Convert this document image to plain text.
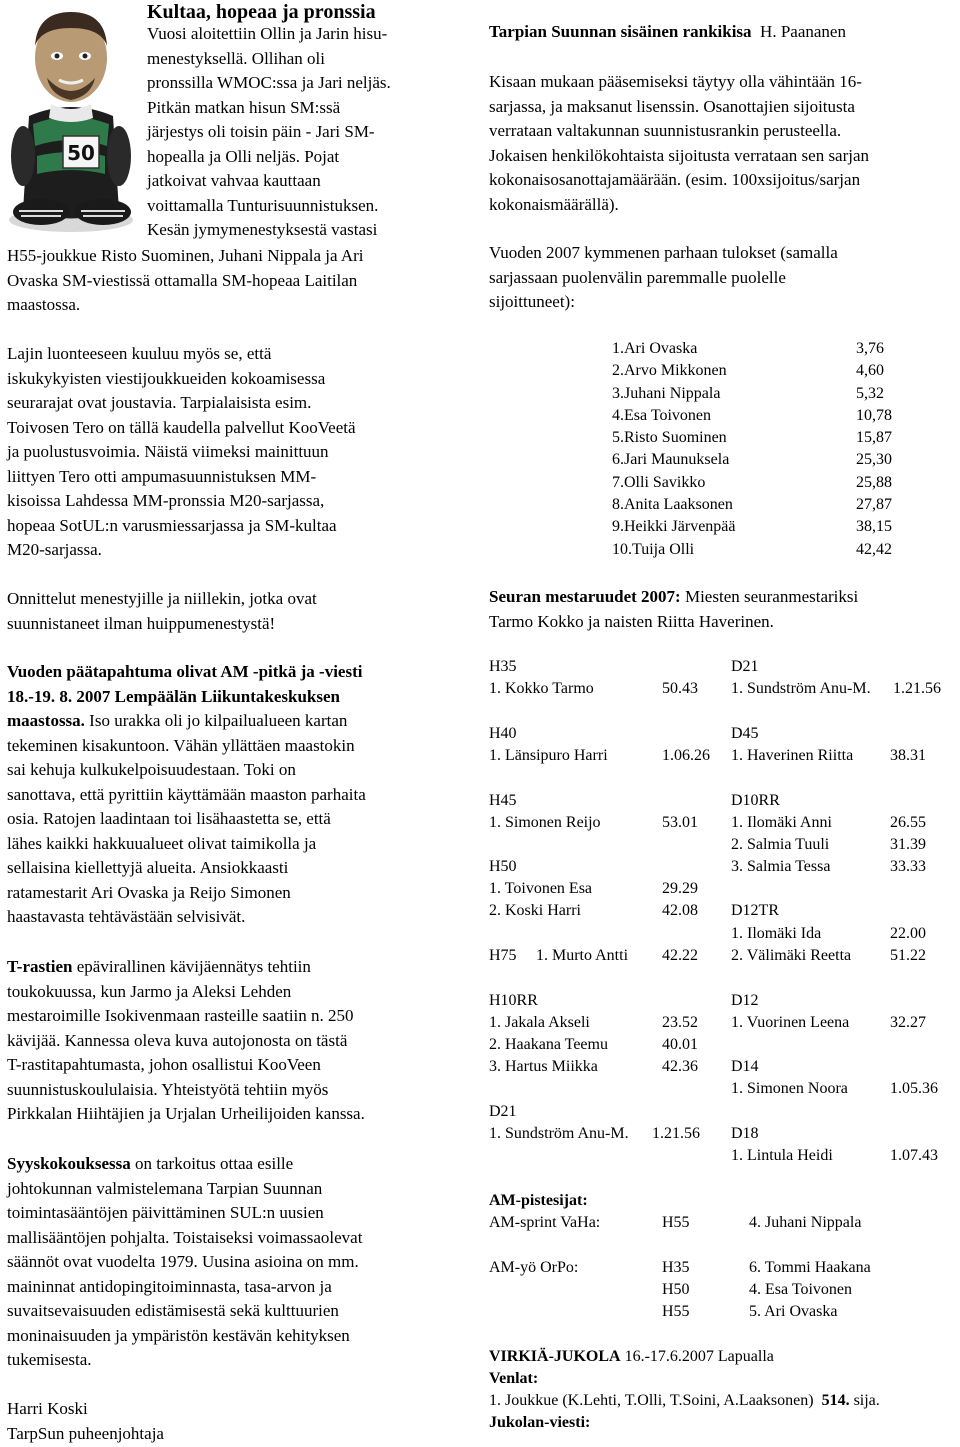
50
Kultaa, hopeaa ja pronssia

Vuosi aloitettiin Ollin ja Jarin hisu-

menestyksellä. Ollihan oli

pronssilla WMOC:ssa ja Jari neljäs.

Pitkän matkan hisun SM:ssä

järjestys oli toisin päin - Jari SM-

hopealla ja Olli neljäs. Pojat

jatkoivat vahvaa kauttaan

voittamalla Tunturisuunnistuksen.

Kesän jymymenestyksestä vastasi

H55-joukkue Risto Suominen, Juhani Nippala ja Ari

Ovaska SM-viestissä ottamalla SM-hopeaa Laitilan

maastossa.

Lajin luonteeseen kuuluu myös se, että

iskukykyisten viestijoukkueiden kokoamisessa

seurarajat ovat joustavia. Tarpialaisista esim.

Toivosen Tero on tällä kaudella palvellut KooVeetä

ja puolustusvoimia. Näistä viimeksi mainittuun

liittyen Tero otti ampumasuunnistuksen MM-

kisoissa Lahdessa MM-pronssia M20-sarjassa,

hopeaa SotUL:n varusmiessarjassa ja SM-kultaa

M20-sarjassa.

Onnittelut menestyjille ja niillekin, jotka ovat

suunnistaneet ilman huippumenestystä!

Vuoden päätapahtuma olivat AM -pitkä ja -viesti

18.-19. 8. 2007 Lempäälän Liikuntakeskuksen

maastossa. Iso urakka oli jo kilpailualueen kartan

tekeminen kisakuntoon. Vähän yllättäen maastokin

sai kehuja kulkukelpoisuudestaan. Toki on

sanottava, että pyrittiin käyttämään maaston parhaita

osia. Ratojen laadintaan toi lisähaastetta se, että

lähes kaikki hakkuualueet olivat taimikolla ja

sellaisina kiellettyjä alueita. Ansiokkaasti

ratamestarit Ari Ovaska ja Reijo Simonen

haastavasta tehtävästään selvisivät.

T-rastien epävirallinen kävijäennätys tehtiin

toukokuussa, kun Jarmo ja Aleksi Lehden

mestaroimille Isokivenmaan rasteille saatiin n. 250

kävijää. Kannessa oleva kuva autojonosta on tästä

T-rastitapahtumasta, johon osallistui KooVeen

suunnistuskoululaisia. Yhteistyötä tehtiin myös

Pirkkalan Hiihtäjien ja Urjalan Urheilijoiden kanssa.

Syyskokouksessa on tarkoitus ottaa esille

johtokunnan valmistelemana Tarpian Suunnan

toimintasääntöjen päivittäminen SUL:n uusien

mallisääntöjen pohjalta. Toistaiseksi voimassaolevat

säännöt ovat vuodelta 1979. Uusina asioina on mm.

maininnat antidopingitoiminnasta, tasa-arvon ja

suvaitsevaisuuden edistämisestä sekä kulttuurien

moninaisuuden ja ympäristön kestävän kehityksen

tukemisesta.

Harri Koski

TarpSun puheenjohtaja

Tarpian Suunnan sisäinen rankikisa H. Paananen

Kisaan mukaan pääsemiseksi täytyy olla vähintään 16-

sarjassa, ja maksanut lisenssin. Osanottajien sijoitusta

verrataan valtakunnan suunnistusrankin perusteella.

Jokaisen henkilökohtaista sijoitusta verrataan sen sarjan

kokonaisosanottajamäärään. (esim. 100xsijoitus/sarjan

kokonaismäärällä).

Vuoden 2007 kymmenen parhaan tulokset (samalla

sarjassaan puolenvälin paremmalle puolelle

sijoittuneet):

1.Ari Ovaska	3,76
2.Arvo Mikkonen	4,60
3.Juhani Nippala	5,32
4.Esa Toivonen	10,78
5.Risto Suominen	15,87
6.Jari Maunuksela	25,30
7.Olli Savikko	25,88
8.Anita Laaksonen	27,87
9.Heikki Järvenpää	38,15
10.Tuija Olli	42,42

Seuran mestaruudet 2007: Miesten seuranmestariksi

Tarmo Kokko ja naisten Riitta Haverinen.

H35
1. Kokko Tarmo	50.43
H40
1. Länsipuro Harri	1.06.26
H45
1. Simonen Reijo	53.01
H50
1. Toivonen Esa	29.29
2. Koski Harri	42.08
H75 1. Murto Antti 42.22
H10RR
1. Jakala Akseli	23.52
2. Haakana Teemu	40.01
3. Hartus Miikka	42.36
D21
1. Sundström Anu-M. 1.21.56
D21
1. Sundström Anu-M. 1.21.56
D45
1. Haverinen Riitta 38.31
D10RR
1. Ilomäki Anni	26.55
2. Salmia Tuuli	31.39
3. Salmia Tessa	33.33
D12TR
1. Ilomäki Ida	22.00
2. Välimäki Reetta 51.22
D12
1. Vuorinen Leena	32.27
D14
1. Simonen Noora	1.05.36
D18
1. Lintula Heidi	1.07.43
AM-pistesijat:
AM-sprint VaHa:	H55	4. Juhani Nippala
AM-yö OrPo:	H35	6. Tommi Haakana
H50	4. Esa Toivonen
H55	5. Ari Ovaska
VIRKIÄ-JUKOLA 16.-17.6.2007 Lapualla
Venlat:
1. Joukkue (K.Lehti, T.Olli, T.Soini, A.Laaksonen) 514. sija.
Jukolan-viesti:
